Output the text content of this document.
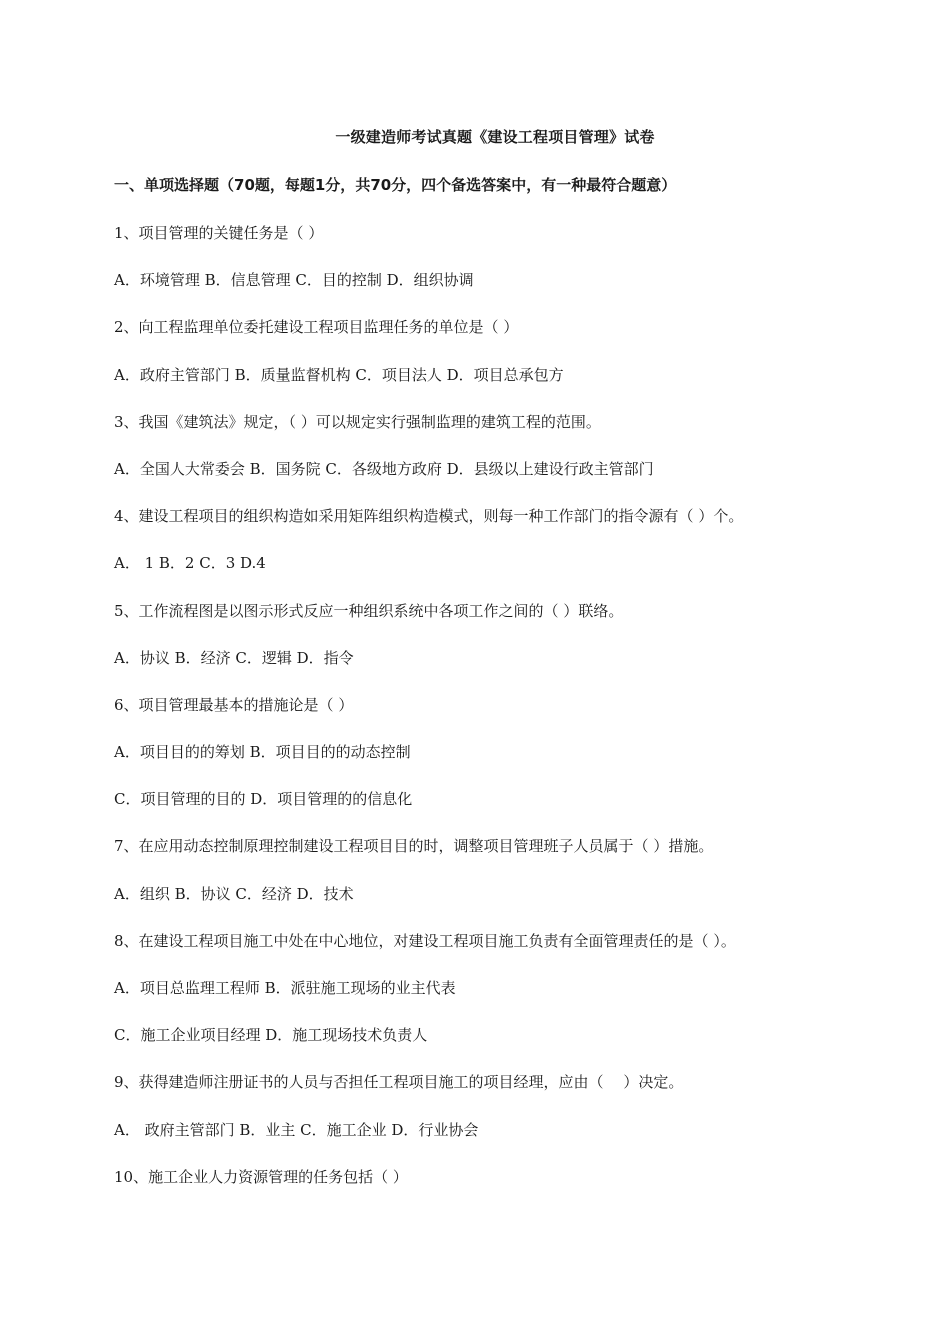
一级建造师考试真题《建设工程项目管理》试卷
一、单项选择题（70题，每题1分，共70分，四个备选答案中，有一种最符合题意）
1、项目管理的关键任务是（ ）
A．环境管理 B．信息管理 C．目的控制 D．组织协调
2、向工程监理单位委托建设工程项目监理任务的单位是（ ）
A．政府主管部门 B．质量监督机构 C．项目法人 D．项目总承包方
3、我国《建筑法》规定，（ ）可以规定实行强制监理的建筑工程的范围。
A．全国人大常委会 B．国务院 C．各级地方政府 D．县级以上建设行政主管部门
4、建设工程项目的组织构造如采用矩阵组织构造模式，则每一种工作部门的指令源有（ ）个。
A． 1 B．2 C．3 D.4
5、工作流程图是以图示形式反应一种组织系统中各项工作之间的（ ）联络。
A．协议 B．经济 C．逻辑 D．指令
6、项目管理最基本的措施论是（ ）
A．项目目的的筹划 B．项目目的的动态控制
C．项目管理的目的 D．项目管理的的信息化
7、在应用动态控制原理控制建设工程项目目的时，调整项目管理班子人员属于（ ）措施。
A．组织 B．协议 C．经济 D．技术
8、在建设工程项目施工中处在中心地位，对建设工程项目施工负责有全面管理责任的是（ ）。
A．项目总监理工程师 B．派驻施工现场的业主代表
C．施工企业项目经理 D．施工现场技术负责人
9、获得建造师注册证书的人员与否担任工程项目施工的项目经理，应由（　 ）决定。
A． 政府主管部门 B．业主 C．施工企业 D．行业协会
10、施工企业人力资源管理的任务包括（ ）
